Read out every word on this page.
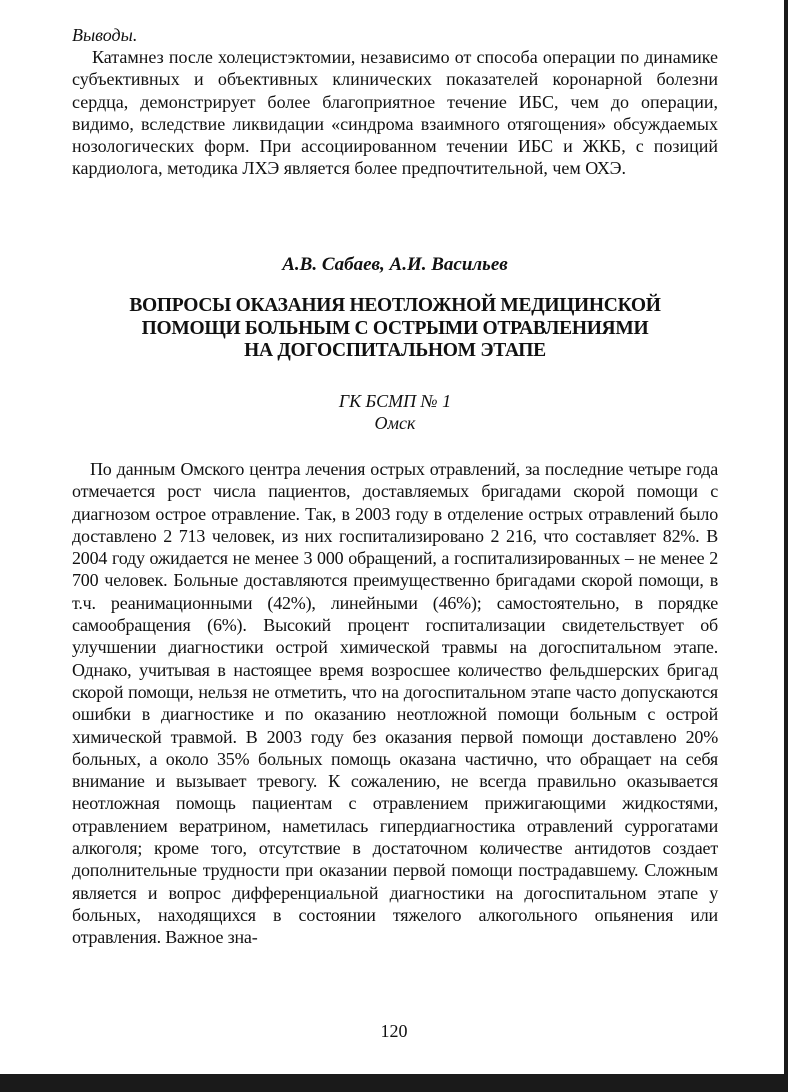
Выводы.

Катамнез после холецистэктомии, независимо от способа операции по динамике субъективных и объективных клинических показателей коронарной болезни сердца, демонстрирует более благоприятное течение ИБС, чем до операции, видимо, вследствие ликвидации «синдрома взаимного отягощения» обсуждаемых нозологических форм. При ассоциированном течении ИБС и ЖКБ, с позиций кардиолога, методика ЛХЭ является более предпочтительной, чем ОХЭ.

А.В. Сабаев, А.И. Васильев

ВОПРОСЫ ОКАЗАНИЯ НЕОТЛОЖНОЙ МЕДИЦИНСКОЙ
ПОМОЩИ БОЛЬНЫМ С ОСТРЫМИ ОТРАВЛЕНИЯМИ
НА ДОГОСПИТАЛЬНОМ ЭТАПЕ

ГК БСМП № 1
Омск

По данным Омского центра лечения острых отравлений, за последние четыре года отмечается рост числа пациентов, доставляемых бригадами скорой помощи с диагнозом острое отравление. Так, в 2003 году в отделение острых отравлений было доставлено 2 713 человек, из них госпитализировано 2 216, что составляет 82%. В 2004 году ожидается не менее 3 000 обращений, а госпитализированных – не менее 2 700 человек. Больные доставляются преимущественно бригадами скорой помощи, в т.ч. реанимационными (42%), линейными (46%); самостоятельно, в порядке самообращения (6%). Высокий процент госпитализации свидетельствует об улучшении диагностики острой химической травмы на догоспитальном этапе. Однако, учитывая в настоящее время возросшее количество фельдшерских бригад скорой помощи, нельзя не отметить, что на догоспитальном этапе часто допускаются ошибки в диагностике и по оказанию неотложной помощи больным с острой химической травмой. В 2003 году без оказания первой помощи доставлено 20% больных, а около 35% больных помощь оказана частично, что обращает на себя внимание и вызывает тревогу. К сожалению, не всегда правильно оказывается неотложная помощь пациентам с отравлением прижигающими жидкостями, отравлением вератрином, наметилась гипердиагностика отравлений суррогатами алкоголя; кроме того, отсутствие в достаточном количестве антидотов создает дополнительные трудности при оказании первой помощи пострадавшему. Сложным является и вопрос дифференциальной диагностики на догоспитальном этапе у больных, находящихся в состоянии тяжелого алкогольного опьянения или отравления. Важное зна-

120
